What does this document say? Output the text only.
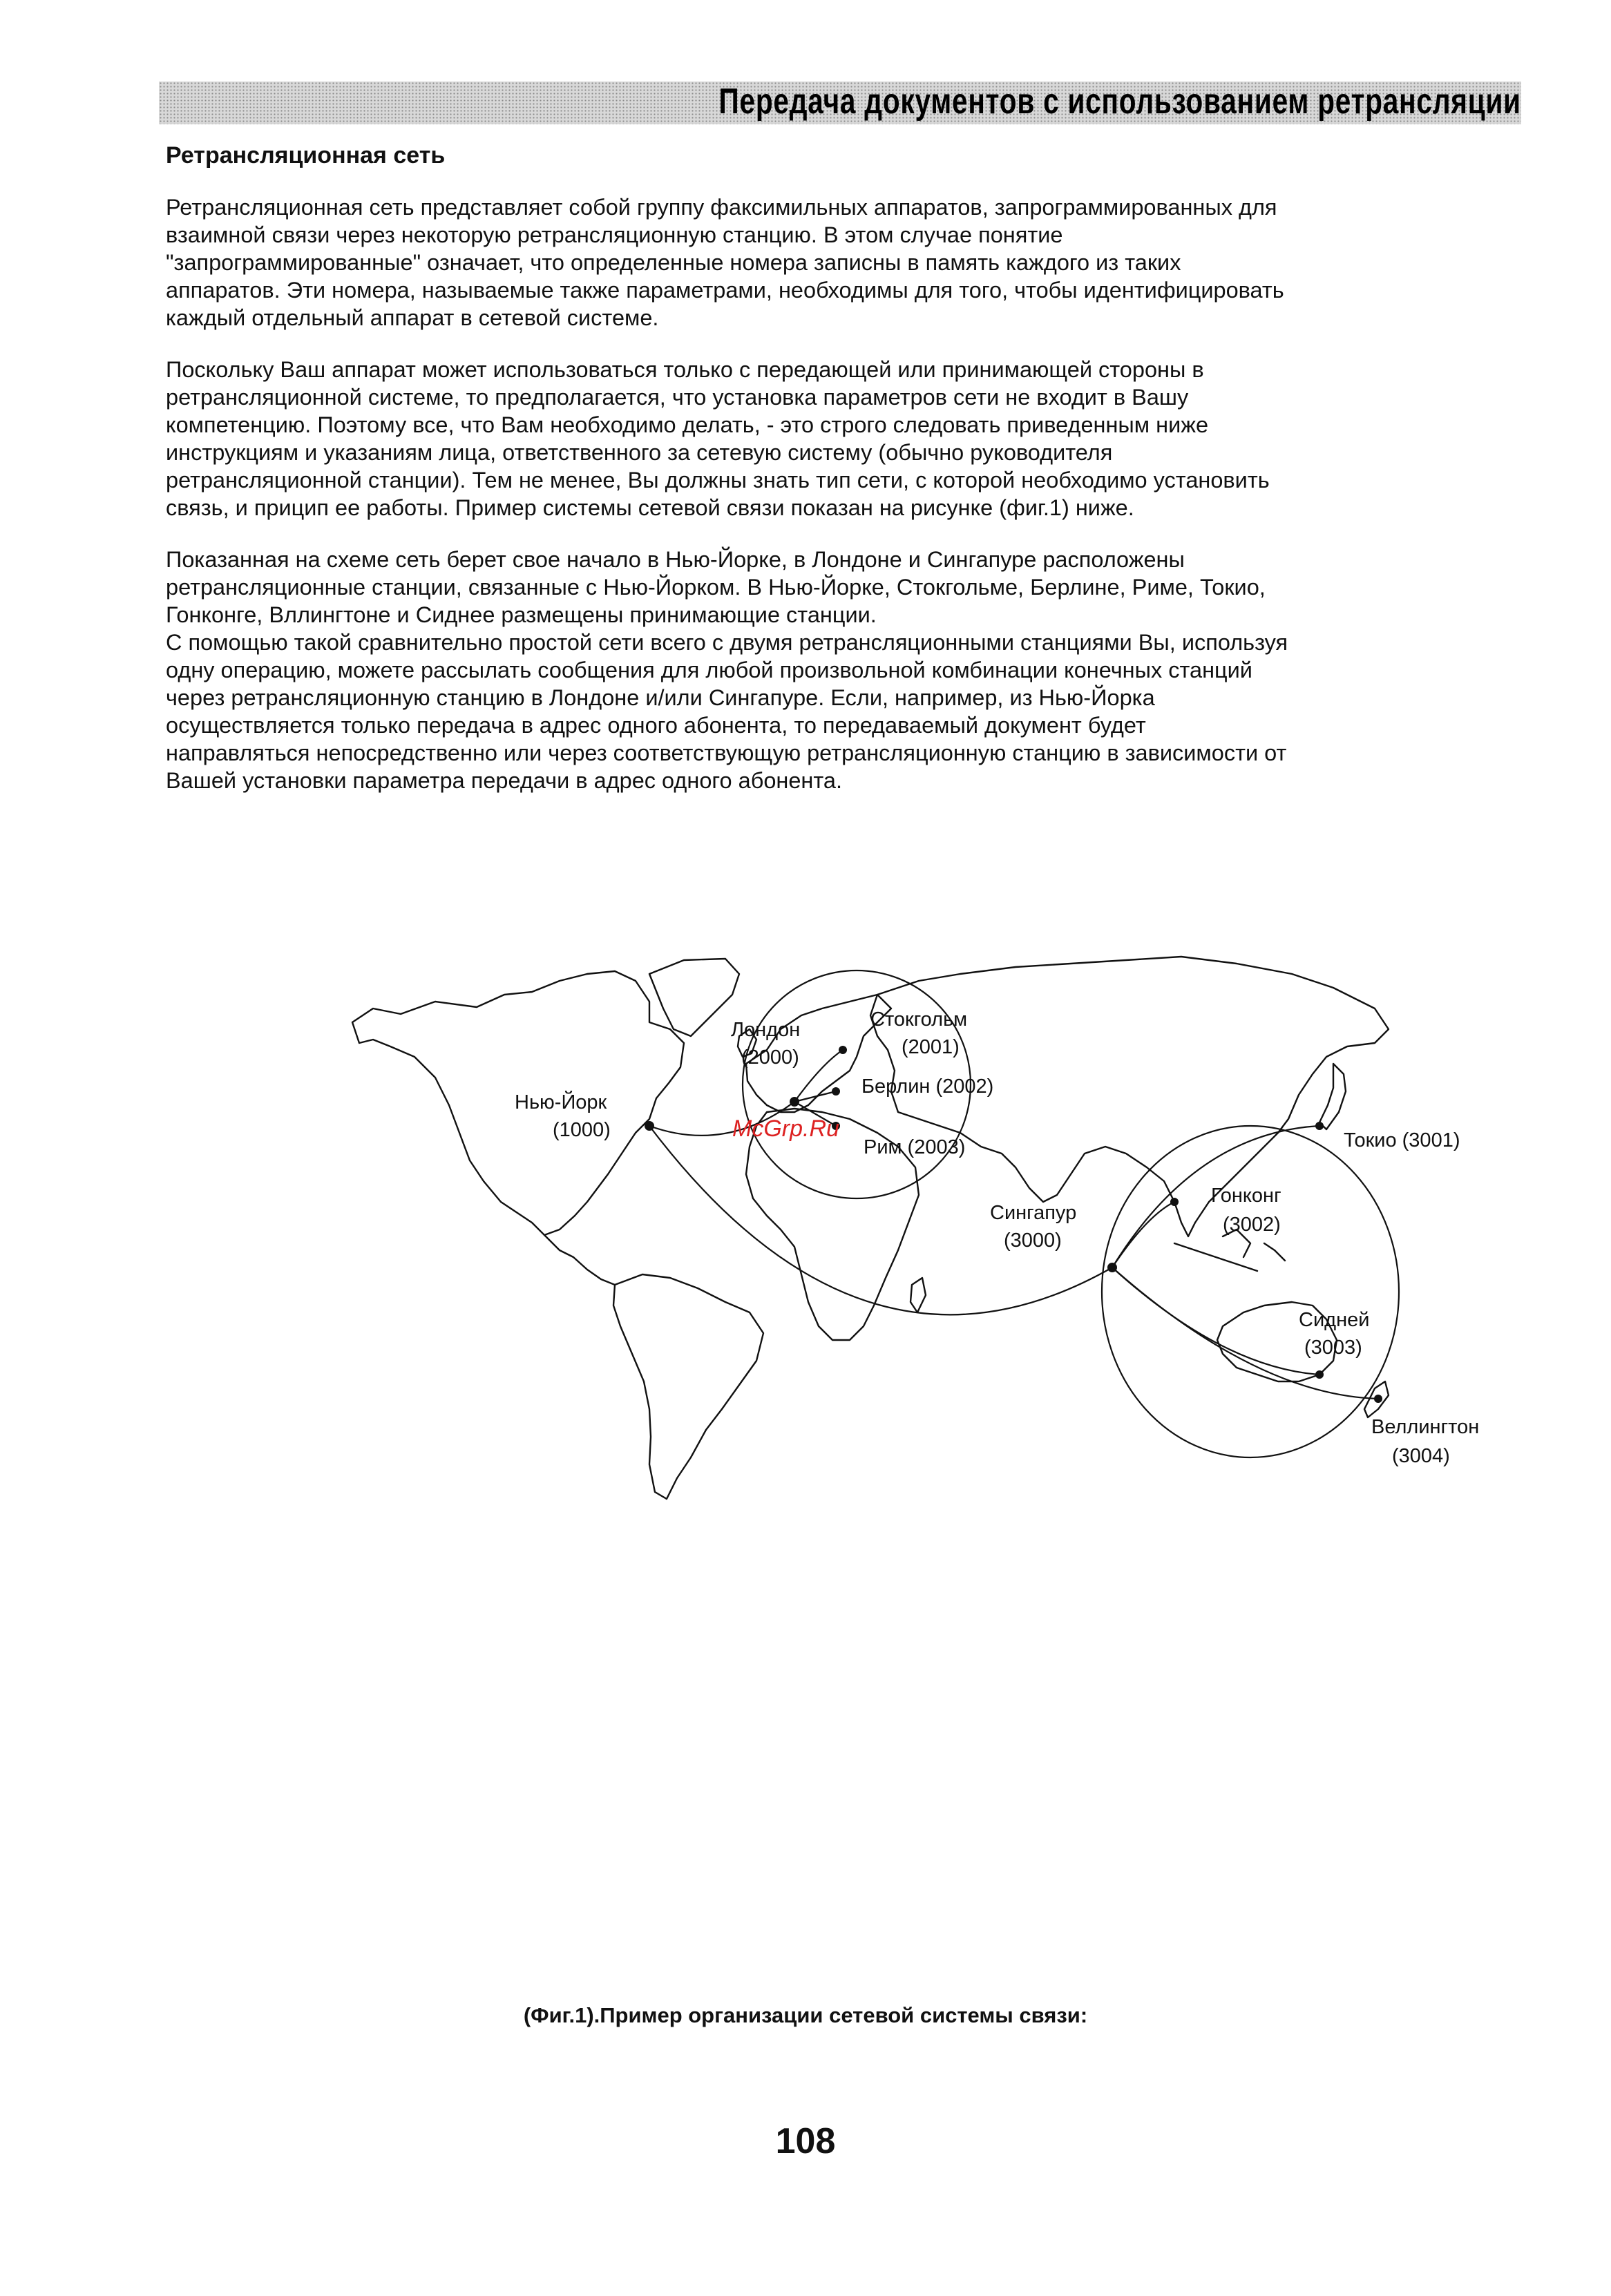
Передача документов с использованием ретрансляции
Ретрансляционная сеть

Ретрансляционная сеть представляет собой группу факсимильных аппаратов, запрограммированных для
взаимной связи через некоторую ретрансляционную станцию. В этом случае понятие
"запрограммированные" означает, что определенные номера записны в память каждого из таких
аппаратов. Эти номера, называемые также параметрами, необходимы для того, чтобы идентифицировать
каждый отдельный аппарат в сетевой системе.

Поскольку Ваш аппарат может использоваться только с передающей или принимающей стороны в
ретрансляционной системе, то предполагается, что установка параметров сети не входит в Вашу
компетенцию. Поэтому все, что Вам необходимо делать, - это строго следовать приведенным ниже
инструкциям и указаниям лица, ответственного за сетевую систему (обычно руководителя
ретрансляционной станции). Тем не менее, Вы должны знать тип сети, с которой необходимо установить
связь, и прицип ее работы. Пример системы сетевой связи показан на рисунке (фиг.1) ниже.

Показанная на схеме сеть берет свое начало в Нью-Йорке, в Лондоне и Сингапуре расположены
ретрансляционные станции, связанные с Нью-Йорком. В Нью-Йорке, Стокгольме, Берлине, Риме, Токио,
Гонконге, Вллингтоне и Сиднее размещены принимающие станции.
С помощью такой сравнительно простой сети всего с двумя ретрансляционными станциями Вы, используя
одну операцию, можете рассылать сообщения для любой произвольной комбинации конечных станций
через ретрансляционную станцию в Лондоне и/или Сингапуре. Если, например, из Нью-Йорка
осуществляется только передача в адрес одного абонента, то передаваемый документ будет
направляться непосредственно или через соответствующую ретрансляционную станцию в зависимости от
Вашей установки параметра передачи в адрес одного абонента.

Нью-Йорк
(1000)
Лондон
(2000)
Стокгольм
(2001)
Берлин (2002)
Рим (2003)
Сингапур
(3000)
Токио (3001)
Гонконг
(3002)
Сидней
(3003)
Веллингтон
(3004)
McGrp.Ru
(Фиг.1).Пример организации сетевой системы связи:
108
